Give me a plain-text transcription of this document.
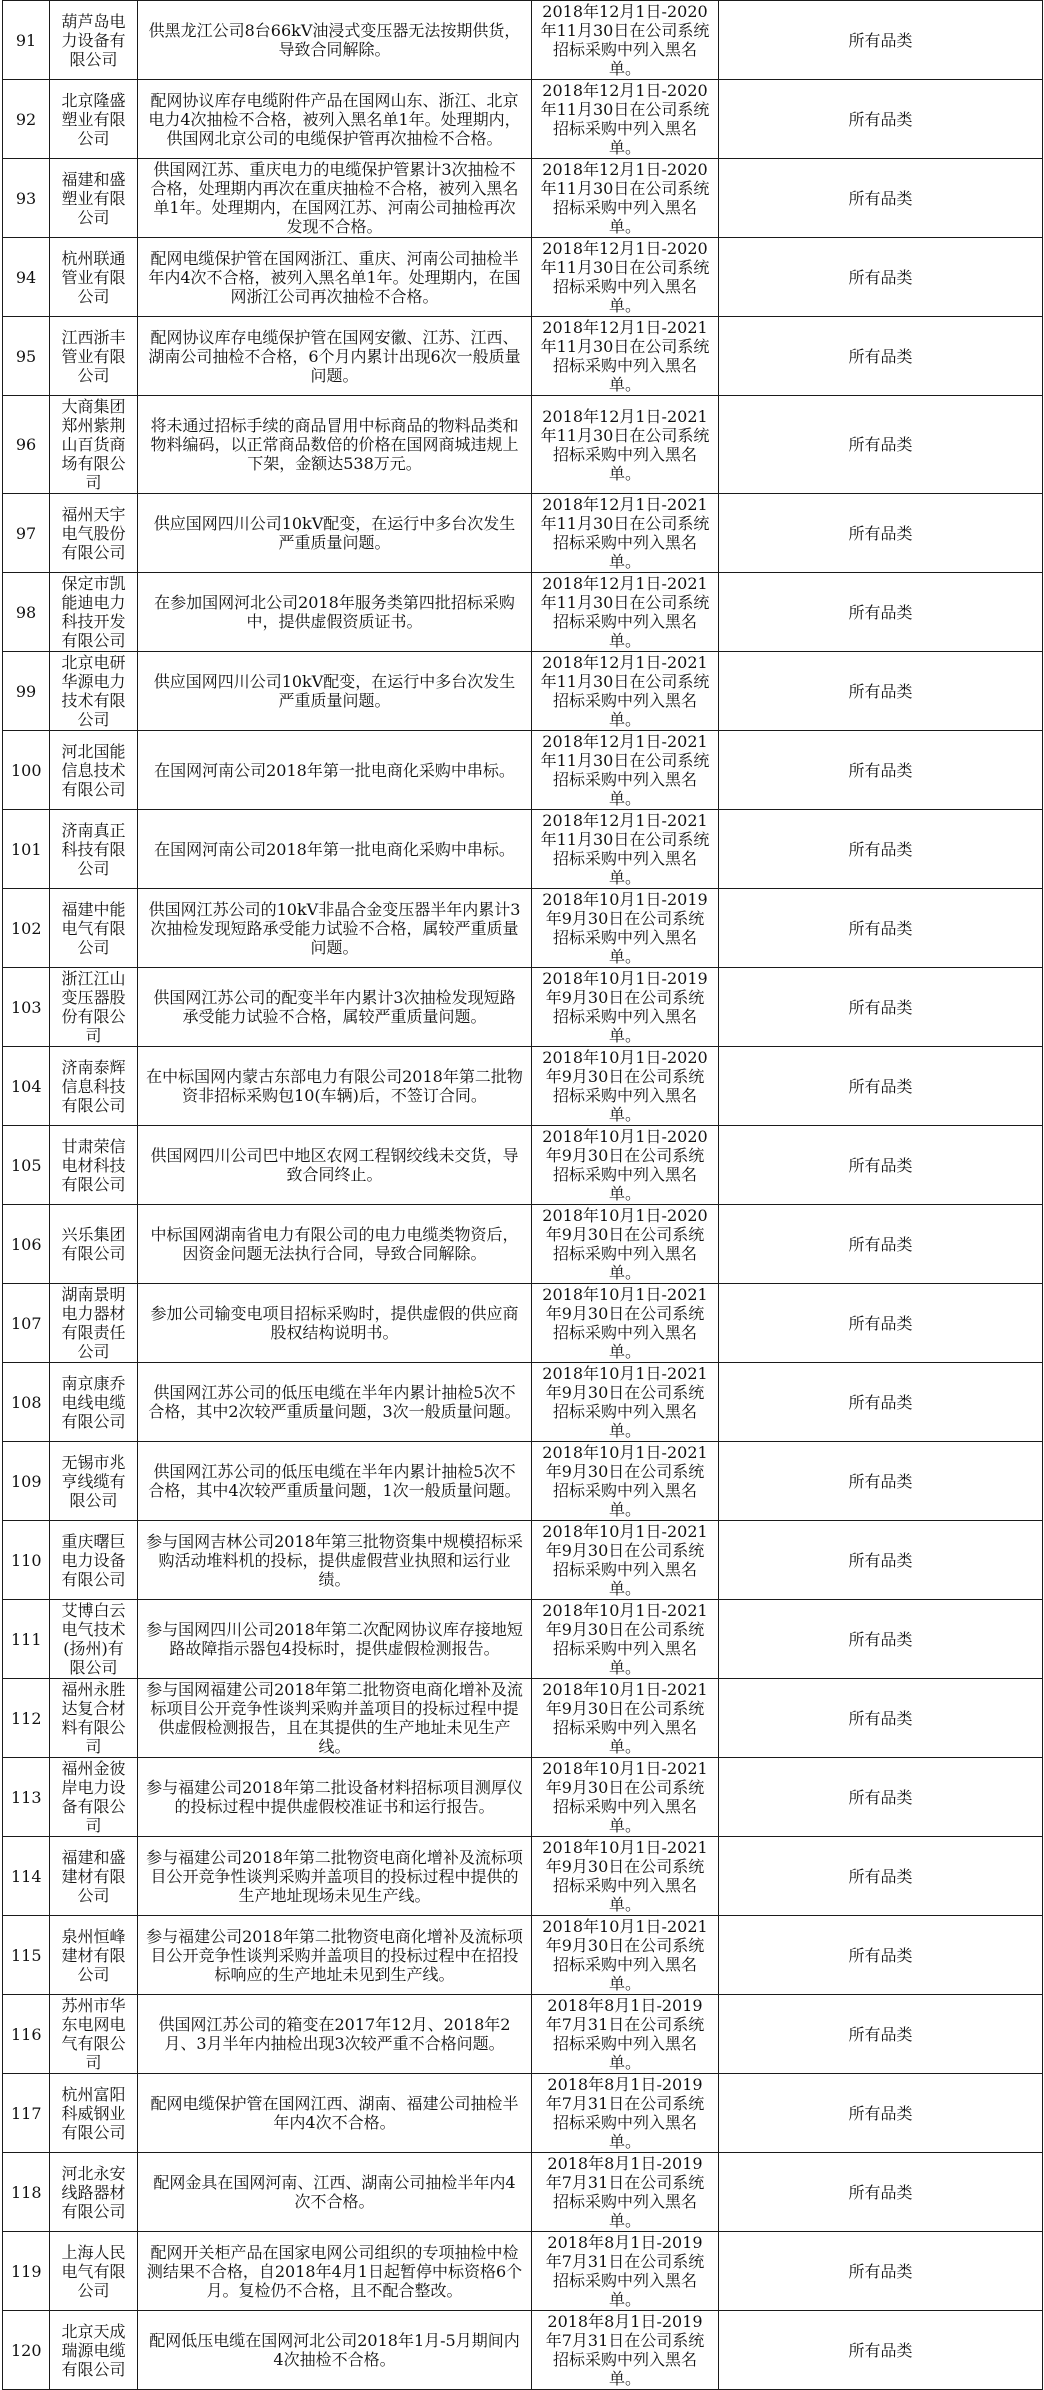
91	葫芦岛电力设备有限公司	供黑龙江公司8台66kV油浸式变压器无法按期供货，导致合同解除。	2018年12月1日-2020年11月30日在公司系统招标采购中列入黑名单。	所有品类
92	北京隆盛塑业有限公司	配网协议库存电缆附件产品在国网山东、浙江、北京电力4次抽检不合格，被列入黑名单1年。处理期内，供国网北京公司的电缆保护管再次抽检不合格。	2018年12月1日-2020年11月30日在公司系统招标采购中列入黑名单。	所有品类
93	福建和盛塑业有限公司	供国网江苏、重庆电力的电缆保护管累计3次抽检不合格，处理期内再次在重庆抽检不合格，被列入黑名单1年。处理期内，在国网江苏、河南公司抽检再次发现不合格。	2018年12月1日-2020年11月30日在公司系统招标采购中列入黑名单。	所有品类
94	杭州联通管业有限公司	配网电缆保护管在国网浙江、重庆、河南公司抽检半年内4次不合格，被列入黑名单1年。处理期内，在国网浙江公司再次抽检不合格。	2018年12月1日-2020年11月30日在公司系统招标采购中列入黑名单。	所有品类
95	江西浙丰管业有限公司	配网协议库存电缆保护管在国网安徽、江苏、江西、湖南公司抽检不合格，6个月内累计出现6次一般质量问题。	2018年12月1日-2021年11月30日在公司系统招标采购中列入黑名单。	所有品类
96	大商集团郑州紫荆山百货商场有限公司	将未通过招标手续的商品冒用中标商品的物料品类和物料编码，以正常商品数倍的价格在国网商城违规上下架，金额达538万元。	2018年12月1日-2021年11月30日在公司系统招标采购中列入黑名单。	所有品类
97	福州天宇电气股份有限公司	供应国网四川公司10kV配变，在运行中多台次发生严重质量问题。	2018年12月1日-2021年11月30日在公司系统招标采购中列入黑名单。	所有品类
98	保定市凯能迪电力科技开发有限公司	在参加国网河北公司2018年服务类第四批招标采购中，提供虚假资质证书。	2018年12月1日-2021年11月30日在公司系统招标采购中列入黑名单。	所有品类
99	北京电研华源电力技术有限公司	供应国网四川公司10kV配变，在运行中多台次发生严重质量问题。	2018年12月1日-2021年11月30日在公司系统招标采购中列入黑名单。	所有品类
100	河北国能信息技术有限公司	在国网河南公司2018年第一批电商化采购中串标。	2018年12月1日-2021年11月30日在公司系统招标采购中列入黑名单。	所有品类
101	济南真正科技有限公司	在国网河南公司2018年第一批电商化采购中串标。	2018年12月1日-2021年11月30日在公司系统招标采购中列入黑名单。	所有品类
102	福建中能电气有限公司	供国网江苏公司的10kV非晶合金变压器半年内累计3次抽检发现短路承受能力试验不合格，属较严重质量问题。	2018年10月1日-2019年9月30日在公司系统招标采购中列入黑名单。	所有品类
103	浙江江山变压器股份有限公司	供国网江苏公司的配变半年内累计3次抽检发现短路承受能力试验不合格，属较严重质量问题。	2018年10月1日-2019年9月30日在公司系统招标采购中列入黑名单。	所有品类
104	济南泰辉信息科技有限公司	在中标国网内蒙古东部电力有限公司2018年第二批物资非招标采购包10(车辆)后，不签订合同。	2018年10月1日-2020年9月30日在公司系统招标采购中列入黑名单。	所有品类
105	甘肃荣信电材科技有限公司	供国网四川公司巴中地区农网工程钢绞线未交货，导致合同终止。	2018年10月1日-2020年9月30日在公司系统招标采购中列入黑名单。	所有品类
106	兴乐集团有限公司	中标国网湖南省电力有限公司的电力电缆类物资后，因资金问题无法执行合同，导致合同解除。	2018年10月1日-2020年9月30日在公司系统招标采购中列入黑名单。	所有品类
107	湖南景明电力器材有限责任公司	参加公司输变电项目招标采购时，提供虚假的供应商股权结构说明书。	2018年10月1日-2021年9月30日在公司系统招标采购中列入黑名单。	所有品类
108	南京康乔电线电缆有限公司	供国网江苏公司的低压电缆在半年内累计抽检5次不合格，其中2次较严重质量问题，3次一般质量问题。	2018年10月1日-2021年9月30日在公司系统招标采购中列入黑名单。	所有品类
109	无锡市兆亨线缆有限公司	供国网江苏公司的低压电缆在半年内累计抽检5次不合格，其中4次较严重质量问题，1次一般质量问题。	2018年10月1日-2021年9月30日在公司系统招标采购中列入黑名单。	所有品类
110	重庆曙巨电力设备有限公司	参与国网吉林公司2018年第三批物资集中规模招标采购活动堆料机的投标，提供虚假营业执照和运行业绩。	2018年10月1日-2021年9月30日在公司系统招标采购中列入黑名单。	所有品类
111	艾博白云电气技术(扬州)有限公司	参与国网四川公司2018年第二次配网协议库存接地短路故障指示器包4投标时，提供虚假检测报告。	2018年10月1日-2021年9月30日在公司系统招标采购中列入黑名单。	所有品类
112	福州永胜达复合材料有限公司	参与国网福建公司2018年第二批物资电商化增补及流标项目公开竞争性谈判采购并盖项目的投标过程中提供虚假检测报告，且在其提供的生产地址未见生产线。	2018年10月1日-2021年9月30日在公司系统招标采购中列入黑名单。	所有品类
113	福州金彼岸电力设备有限公司	参与福建公司2018年第二批设备材料招标项目测厚仪的投标过程中提供虚假校准证书和运行报告。	2018年10月1日-2021年9月30日在公司系统招标采购中列入黑名单。	所有品类
114	福建和盛建材有限公司	参与福建公司2018年第二批物资电商化增补及流标项目公开竞争性谈判采购并盖项目的投标过程中提供的生产地址现场未见生产线。	2018年10月1日-2021年9月30日在公司系统招标采购中列入黑名单。	所有品类
115	泉州恒峰建材有限公司	参与福建公司2018年第二批物资电商化增补及流标项目公开竞争性谈判采购并盖项目的投标过程中在招投标响应的生产地址未见到生产线。	2018年10月1日-2021年9月30日在公司系统招标采购中列入黑名单。	所有品类
116	苏州市华东电网电气有限公司	供国网江苏公司的箱变在2017年12月、2018年2月、3月半年内抽检出现3次较严重不合格问题。	2018年8月1日-2019年7月31日在公司系统招标采购中列入黑名单。	所有品类
117	杭州富阳科威钢业有限公司	配网电缆保护管在国网江西、湖南、福建公司抽检半年内4次不合格。	2018年8月1日-2019年7月31日在公司系统招标采购中列入黑名单。	所有品类
118	河北永安线路器材有限公司	配网金具在国网河南、江西、湖南公司抽检半年内4次不合格。	2018年8月1日-2019年7月31日在公司系统招标采购中列入黑名单。	所有品类
119	上海人民电气有限公司	配网开关柜产品在国家电网公司组织的专项抽检中检测结果不合格，自2018年4月1日起暂停中标资格6个月。复检仍不合格，且不配合整改。	2018年8月1日-2019年7月31日在公司系统招标采购中列入黑名单。	所有品类
120	北京天成瑞源电缆有限公司	配网低压电缆在国网河北公司2018年1月-5月期间内4次抽检不合格。	2018年8月1日-2019年7月31日在公司系统招标采购中列入黑名单。	所有品类
